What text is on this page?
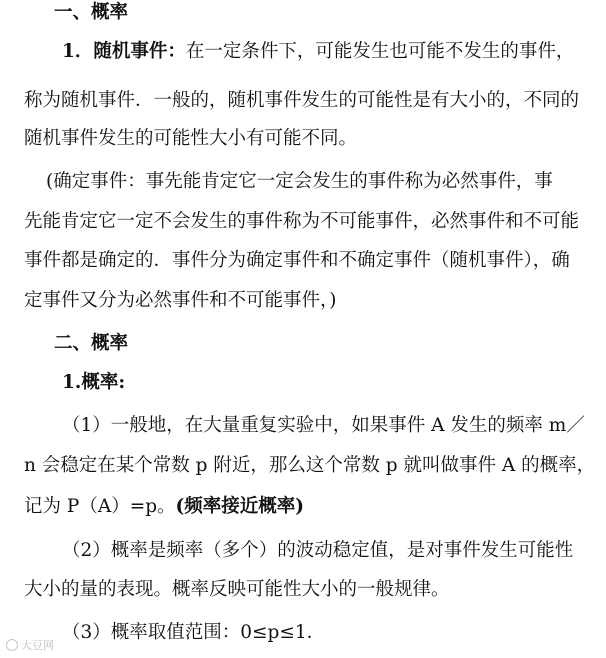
一、概率
1．随机事件：在一定条件下，可能发生也可能不发生的事件，
称为随机事件．一般的，随机事件发生的可能性是有大小的，不同的
随机事件发生的可能性大小有可能不同。
(确定事件：事先能肯定它一定会发生的事件称为必然事件，事
先能肯定它一定不会发生的事件称为不可能事件，必然事件和不可能
事件都是确定的．事件分为确定事件和不确定事件（随机事件），确
定事件又分为必然事件和不可能事件，)
二、概率
1.概率:
（1）一般地，在大量重复实验中，如果事件 A 发生的频率 m／
n 会稳定在某个常数 p 附近，那么这个常数 p 就叫做事件 A 的概率，
记为 P（A）=p。(频率接近概率)
（2）概率是频率（多个）的波动稳定值，是对事件发生可能性
大小的量的表现。概率反映可能性大小的一般规律。
（3）概率取值范围：0≤p≤1．
大豆网
